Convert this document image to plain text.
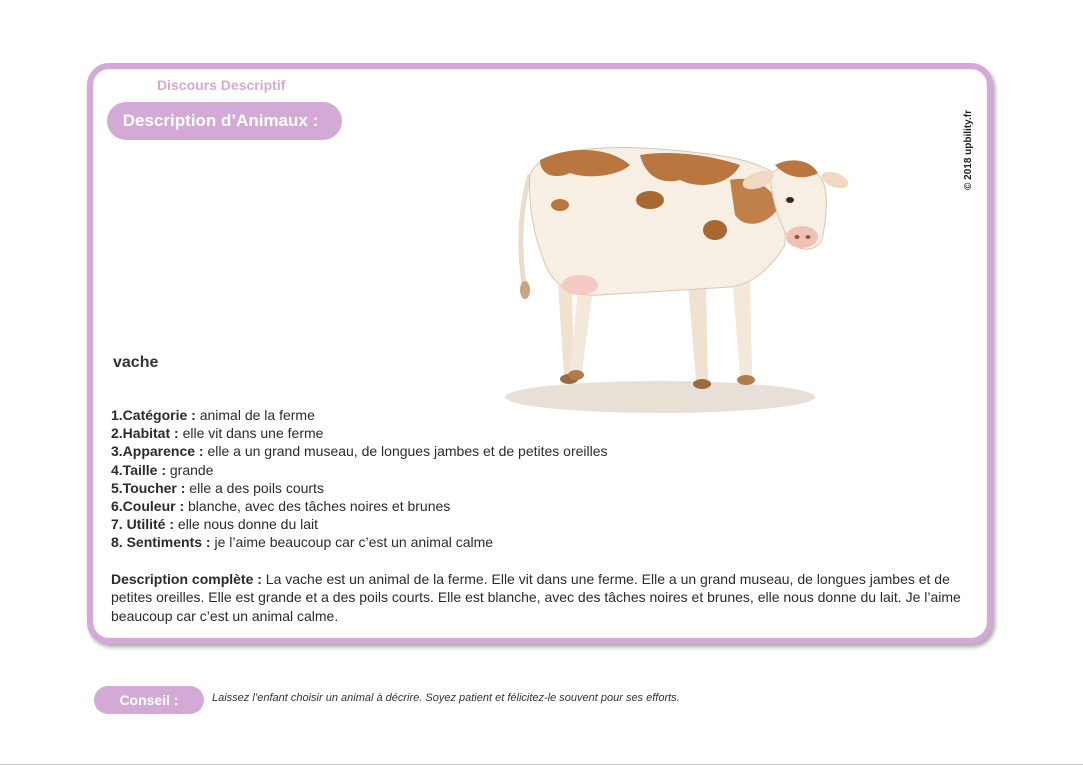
Discours Descriptif
Description d’Animaux :	© 2018 upbility.fr
vache
1.Catégorie : animal de la ferme
2.Habitat : elle vit dans une ferme
3.Apparence : elle a un grand museau, de longues jambes et de petites oreilles
4.Taille : grande
5.Toucher : elle a des poils courts
6.Couleur : blanche, avec des tâches noires et brunes
7. Utilité : elle nous donne du lait
8. Sentiments : je l’aime beaucoup car c’est un animal calme

Description complète : La vache est un animal de la ferme. Elle vit dans une ferme. Elle a un grand museau, de longues jambes et de petites oreilles. Elle est grande et a des poils courts. Elle est blanche, avec des tâches noires et brunes, elle nous donne du lait. Je l’aime beaucoup car c’est un animal calme.

Conseil :	Laissez l’enfant choisir un animal à décrire. Soyez patient et félicitez-le souvent pour ses efforts.
